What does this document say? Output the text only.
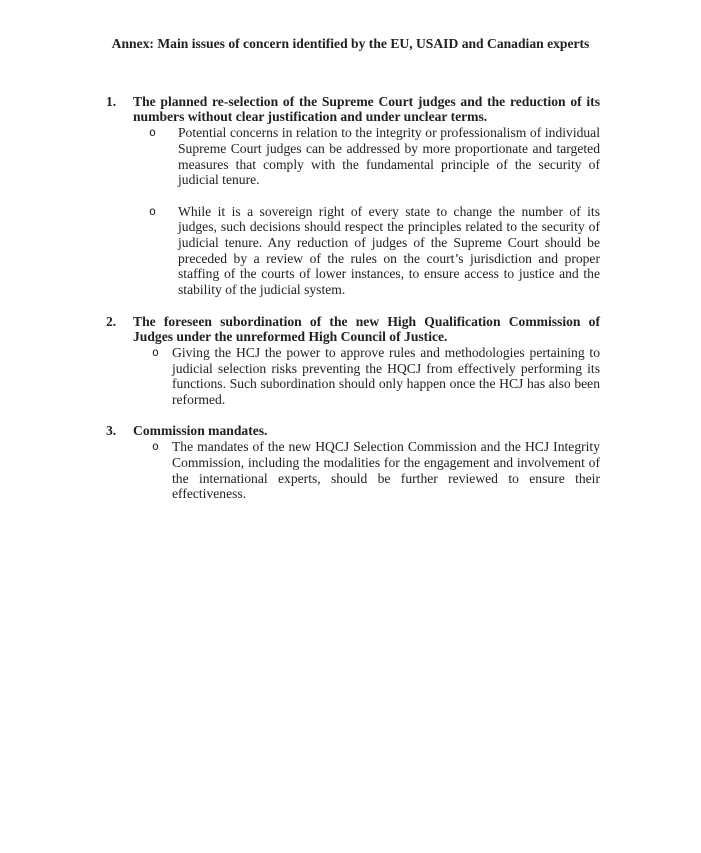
Annex: Main issues of concern identified by the EU, USAID and Canadian experts
1. The planned re-selection of the Supreme Court judges and the reduction of its numbers without clear justification and under unclear terms.
o Potential concerns in relation to the integrity or professionalism of individual Supreme Court judges can be addressed by more proportionate and targeted measures that comply with the fundamental principle of the security of judicial tenure.
o While it is a sovereign right of every state to change the number of its judges, such decisions should respect the principles related to the security of judicial tenure. Any reduction of judges of the Supreme Court should be preceded by a review of the rules on the court’s jurisdiction and proper staffing of the courts of lower instances, to ensure access to justice and the stability of the judicial system.
2. The foreseen subordination of the new High Qualification Commission of Judges under the unreformed High Council of Justice.
o Giving the HCJ the power to approve rules and methodologies pertaining to judicial selection risks preventing the HQCJ from effectively performing its functions. Such subordination should only happen once the HCJ has also been reformed.
3. Commission mandates.
o The mandates of the new HQCJ Selection Commission and the HCJ Integrity Commission, including the modalities for the engagement and involvement of the international experts, should be further reviewed to ensure their effectiveness.
